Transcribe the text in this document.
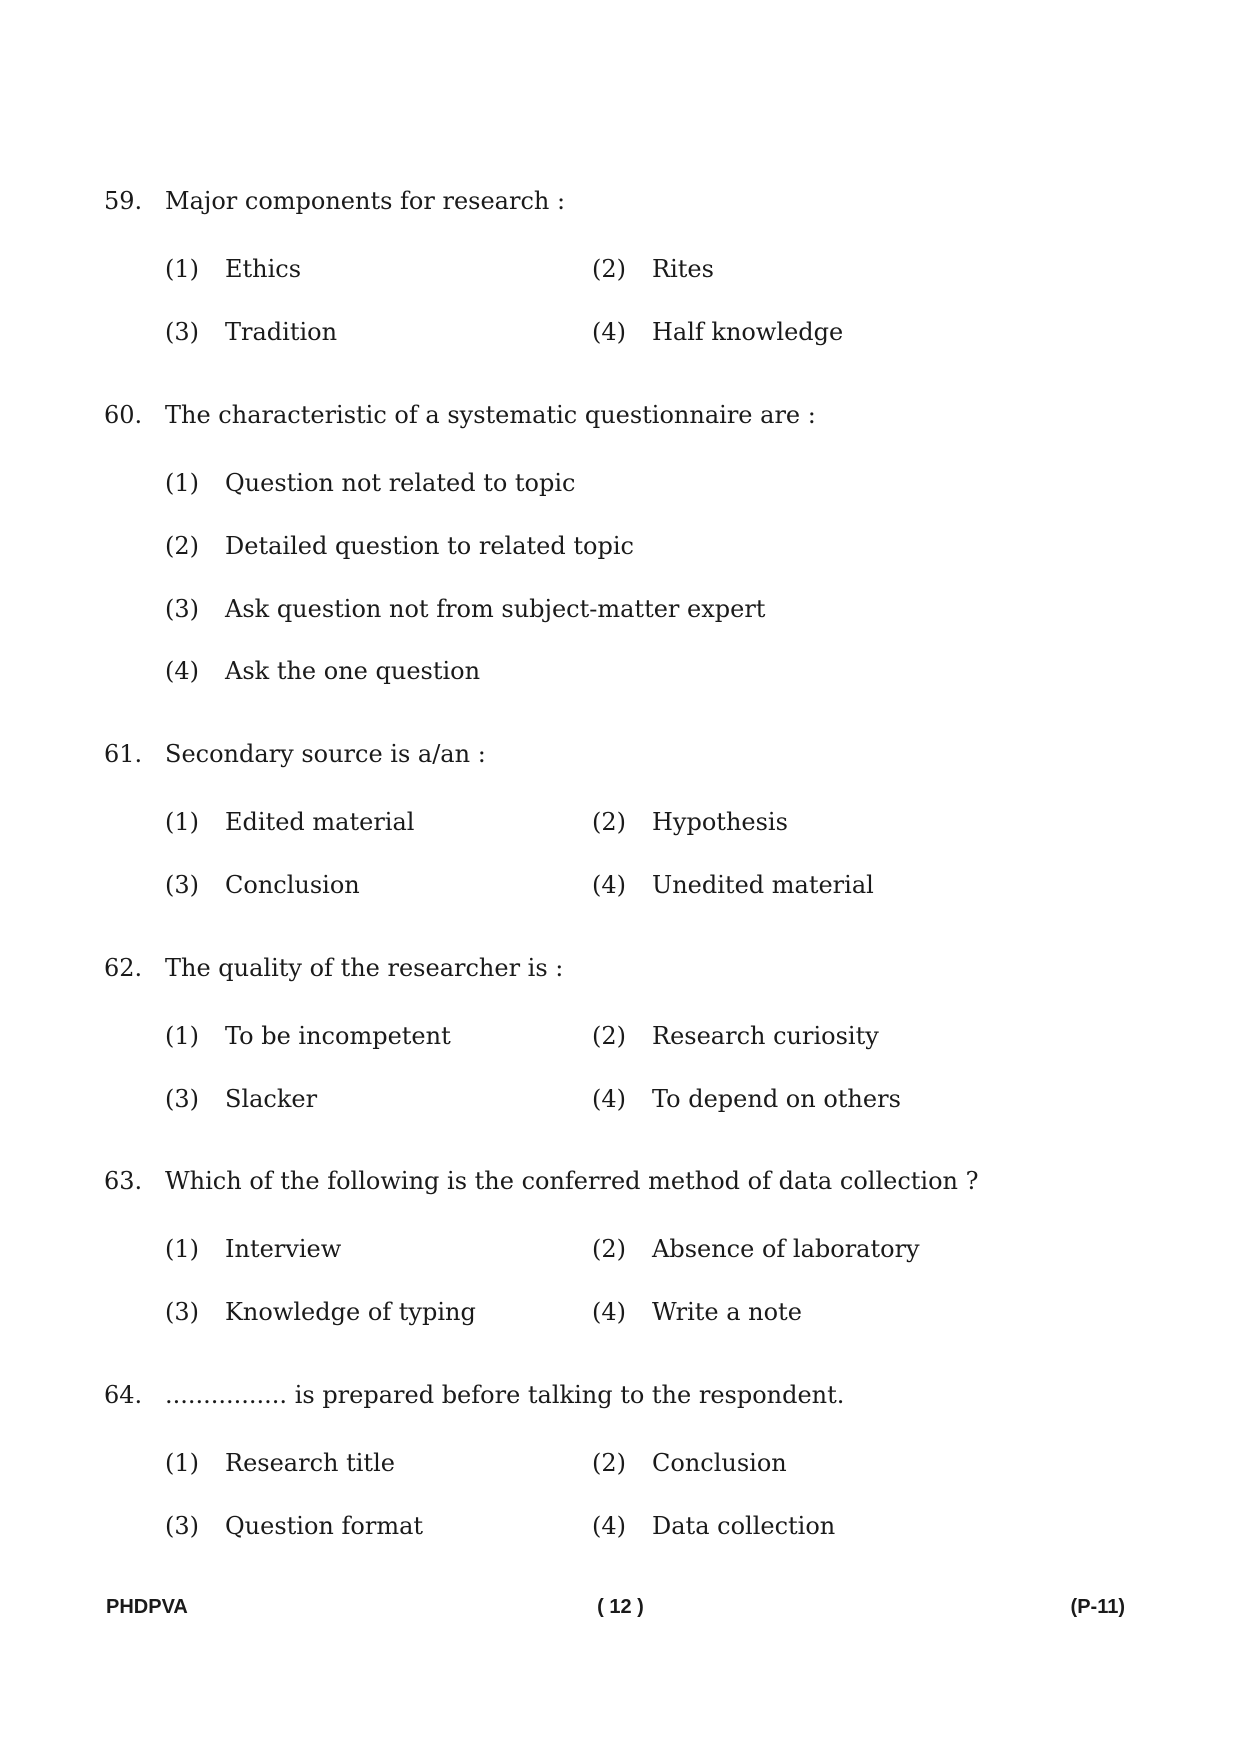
59. Major components for research :
(1) Ethics	(2) Rites
(3) Tradition	(4) Half knowledge
60. The characteristic of a systematic questionnaire are :
(1) Question not related to topic
(2) Detailed question to related topic
(3) Ask question not from subject-matter expert
(4) Ask the one question
61. Secondary source is a/an :
(1) Edited material	(2) Hypothesis
(3) Conclusion	(4) Unedited material
62. The quality of the researcher is :
(1) To be incompetent	(2) Research curiosity
(3) Slacker	(4) To depend on others
63. Which of the following is the conferred method of data collection ?
(1) Interview	(2) Absence of laboratory
(3) Knowledge of typing	(4) Write a note
64. ................ is prepared before talking to the respondent.
(1) Research title	(2) Conclusion
(3) Question format	(4) Data collection
PHDPVA	( 12 )	(P-11)
